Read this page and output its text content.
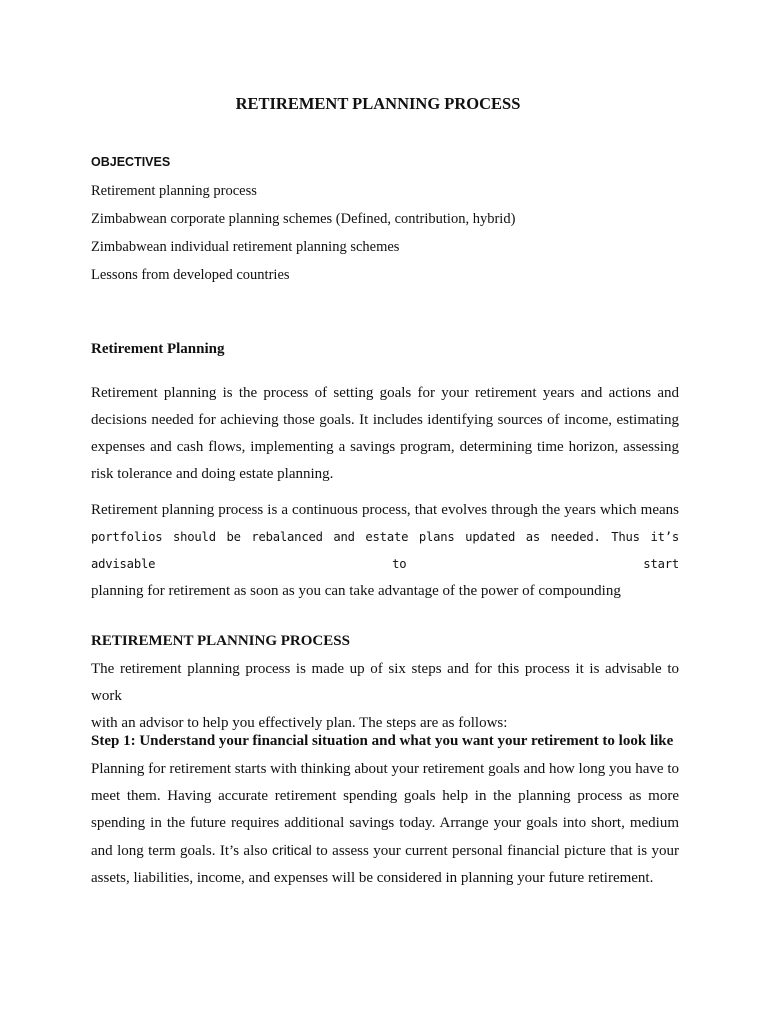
RETIREMENT PLANNING PROCESS
OBJECTIVES
Retirement planning process
Zimbabwean corporate planning schemes (Defined, contribution, hybrid)
Zimbabwean individual retirement planning schemes
Lessons from developed countries
Retirement Planning
Retirement planning is the process of setting goals for your retirement years and actions and
decisions needed for achieving those goals. It includes identifying sources of income, estimating
expenses and cash flows, implementing a savings program, determining time horizon, assessing
risk tolerance and doing estate planning.
Retirement planning process is a continuous process, that evolves through the years which means
portfolios should be rebalanced and estate plans updated as needed. Thus it’s advisable to start
planning for retirement as soon as you can take advantage of the power of compounding
RETIREMENT PLANNING PROCESS
The retirement planning process is made up of six steps and for this process it is advisable to work
with an advisor to help you effectively plan. The steps are as follows:
Step 1: Understand your financial situation and what you want your retirement to look like
Planning for retirement starts with thinking about your retirement goals and how long you have to
meet them. Having accurate retirement spending goals help in the planning process as more
spending in the future requires additional savings today. Arrange your goals into short, medium
and long term goals. It’s also critical to assess your current personal financial picture that is your
assets, liabilities, income, and expenses will be considered in planning your future retirement.
